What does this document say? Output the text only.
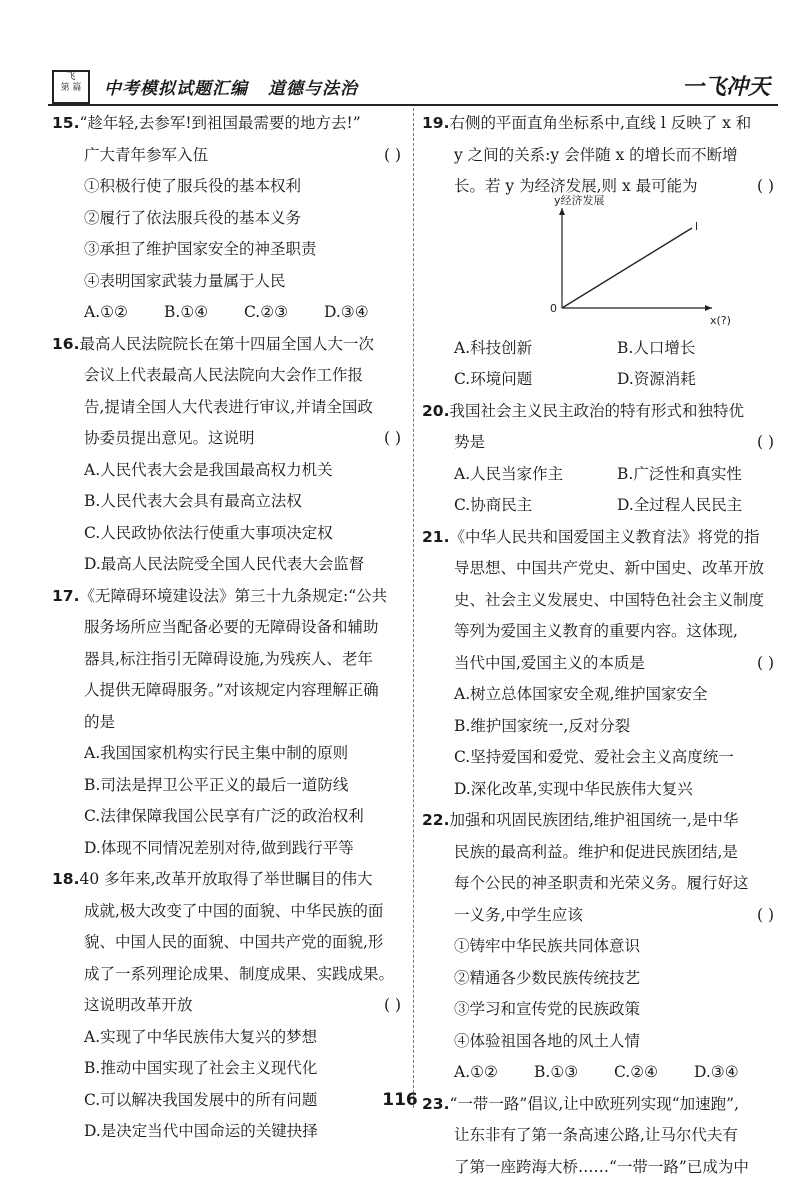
飞
第 篇	中考模拟试题汇编 道德与法治	一飞冲天
15.“趁年轻,去参军!到祖国最需要的地方去!”
广大青年参军入伍	( )
①积极行使了服兵役的基本权利
②履行了依法服兵役的基本义务
③承担了维护国家安全的神圣职责
④表明国家武装力量属于人民
A.①②	B.①④	C.②③	D.③④
16.最高人民法院院长在第十四届全国人大一次
会议上代表最高人民法院向大会作工作报
告,提请全国人大代表进行审议,并请全国政
协委员提出意见。这说明	( )
A.人民代表大会是我国最高权力机关
B.人民代表大会具有最高立法权
C.人民政协依法行使重大事项决定权
D.最高人民法院受全国人民代表大会监督
17.《无障碍环境建设法》第三十九条规定:“公共
服务场所应当配备必要的无障碍设备和辅助
器具,标注指引无障碍设施,为残疾人、老年
人提供无障碍服务。”对该规定内容理解正确
的是
A.我国国家机构实行民主集中制的原则
B.司法是捍卫公平正义的最后一道防线
C.法律保障我国公民享有广泛的政治权利
D.体现不同情况差别对待,做到践行平等
18.40 多年来,改革开放取得了举世瞩目的伟大
成就,极大改变了中国的面貌、中华民族的面
貌、中国人民的面貌、中国共产党的面貌,形
成了一系列理论成果、制度成果、实践成果。
这说明改革开放	( )
A.实现了中华民族伟大复兴的梦想
B.推动中国实现了社会主义现代化
C.可以解决我国发展中的所有问题
D.是决定当代中国命运的关键抉择
19.右侧的平面直角坐标系中,直线 l 反映了 x 和
y 之间的关系:y 会伴随 x 的增长而不断增
长。若 y 为经济发展,则 x 最可能为	( )
y经济发展
x(?)
0
l
A.科技创新	B.人口增长
C.环境问题	D.资源消耗
20.我国社会主义民主政治的特有形式和独特优
势是	( )
A.人民当家作主	B.广泛性和真实性
C.协商民主	D.全过程人民民主
21.《中华人民共和国爱国主义教育法》将党的指
导思想、中国共产党史、新中国史、改革开放
史、社会主义发展史、中国特色社会主义制度
等列为爱国主义教育的重要内容。这体现,
当代中国,爱国主义的本质是	( )
A.树立总体国家安全观,维护国家安全
B.维护国家统一,反对分裂
C.坚持爱国和爱党、爱社会主义高度统一
D.深化改革,实现中华民族伟大复兴
22.加强和巩固民族团结,维护祖国统一,是中华
民族的最高利益。维护和促进民族团结,是
每个公民的神圣职责和光荣义务。履行好这
一义务,中学生应该	( )
①铸牢中华民族共同体意识
②精通各少数民族传统技艺
③学习和宣传党的民族政策
④体验祖国各地的风土人情
A.①②	B.①③	C.②④	D.③④
23.“一带一路”倡议,让中欧班列实现“加速跑”,
让东非有了第一条高速公路,让马尔代夫有
了第一座跨海大桥……“一带一路”已成为中
116
